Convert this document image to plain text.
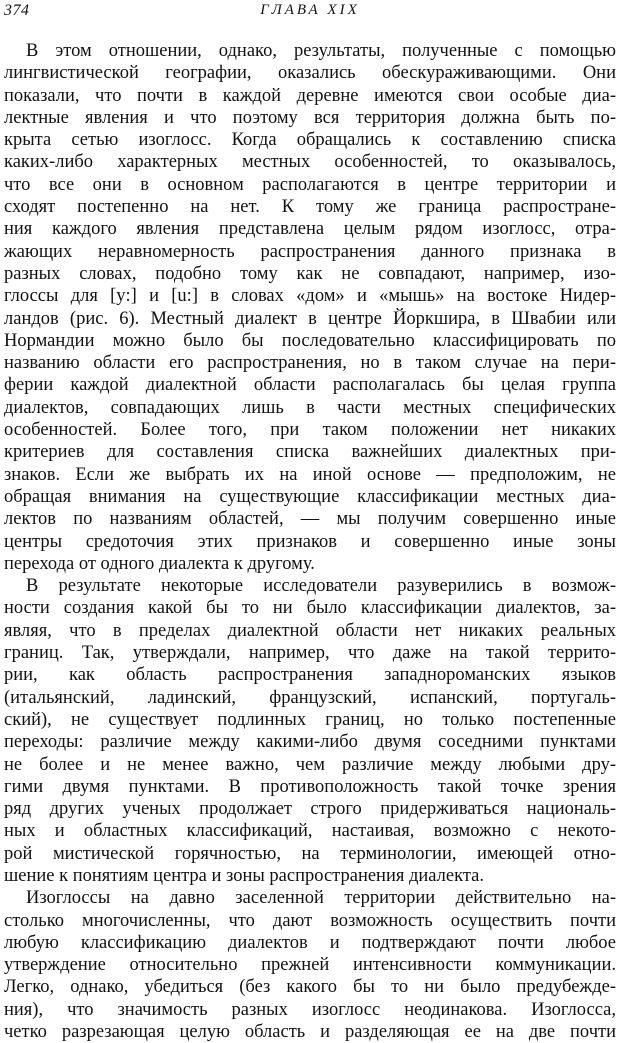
374	ГЛАВА XIX
В этом отношении, однако, результаты, полученные с помощью
лингвистической географии, оказались обескураживающими. Они
показали, что почти в каждой деревне имеются свои особые диа-
лектные явления и что поэтому вся территория должна быть по-
крыта сетью изоглосс. Когда обращались к составлению списка
каких-либо характерных местных особенностей, то оказывалось,
что все они в основном располагаются в центре территории и
сходят постепенно на нет. К тому же граница распростране-
ния каждого явления представлена целым рядом изоглосс, отра-
жающих неравномерность распространения данного признака в
разных словах, подобно тому как не совпадают, например, изо-
глоссы для [y:] и [u:] в словах «дом» и «мышь» на востоке Нидер-
ландов (рис. 6). Местный диалект в центре Йоркшира, в Швабии или
Нормандии можно было бы последовательно классифицировать по
названию области его распространения, но в таком случае на пери-
ферии каждой диалектной области располагалась бы целая группа
диалектов, совпадающих лишь в части местных специфических
особенностей. Более того, при таком положении нет никаких
критериев для составления списка важнейших диалектных при-
знаков. Если же выбрать их на иной основе — предположим, не
обращая внимания на существующие классификации местных диа-
лектов по названиям областей, — мы получим совершенно иные
центры средоточия этих признаков и совершенно иные зоны
перехода от одного диалекта к другому.
В результате некоторые исследователи разуверились в возмож-
ности создания какой бы то ни было классификации диалектов, за-
являя, что в пределах диалектной области нет никаких реальных
границ. Так, утверждали, например, что даже на такой террито-
рии, как область распространения западнороманских языков
(итальянский, ладинский, французский, испанский, португаль-
ский), не существует подлинных границ, но только постепенные
переходы: различие между какими-либо двумя соседними пунктами
не более и не менее важно, чем различие между любыми дру-
гими двумя пунктами. В противоположность такой точке зрения
ряд других ученых продолжает строго придерживаться националь-
ных и областных классификаций, настаивая, возможно с некото-
рой мистической горячностью, на терминологии, имеющей отно-
шение к понятиям центра и зоны распространения диалекта.
Изоглоссы на давно заселенной территории действительно на-
столько многочисленны, что дают возможность осуществить почти
любую классификацию диалектов и подтверждают почти любое
утверждение относительно прежней интенсивности коммуникации.
Легко, однако, убедиться (без какого бы то ни было предубежде-
ния), что значимость разных изоглосс неодинакова. Изоглосса,
четко разрезающая целую область и разделяющая ее на две почти
